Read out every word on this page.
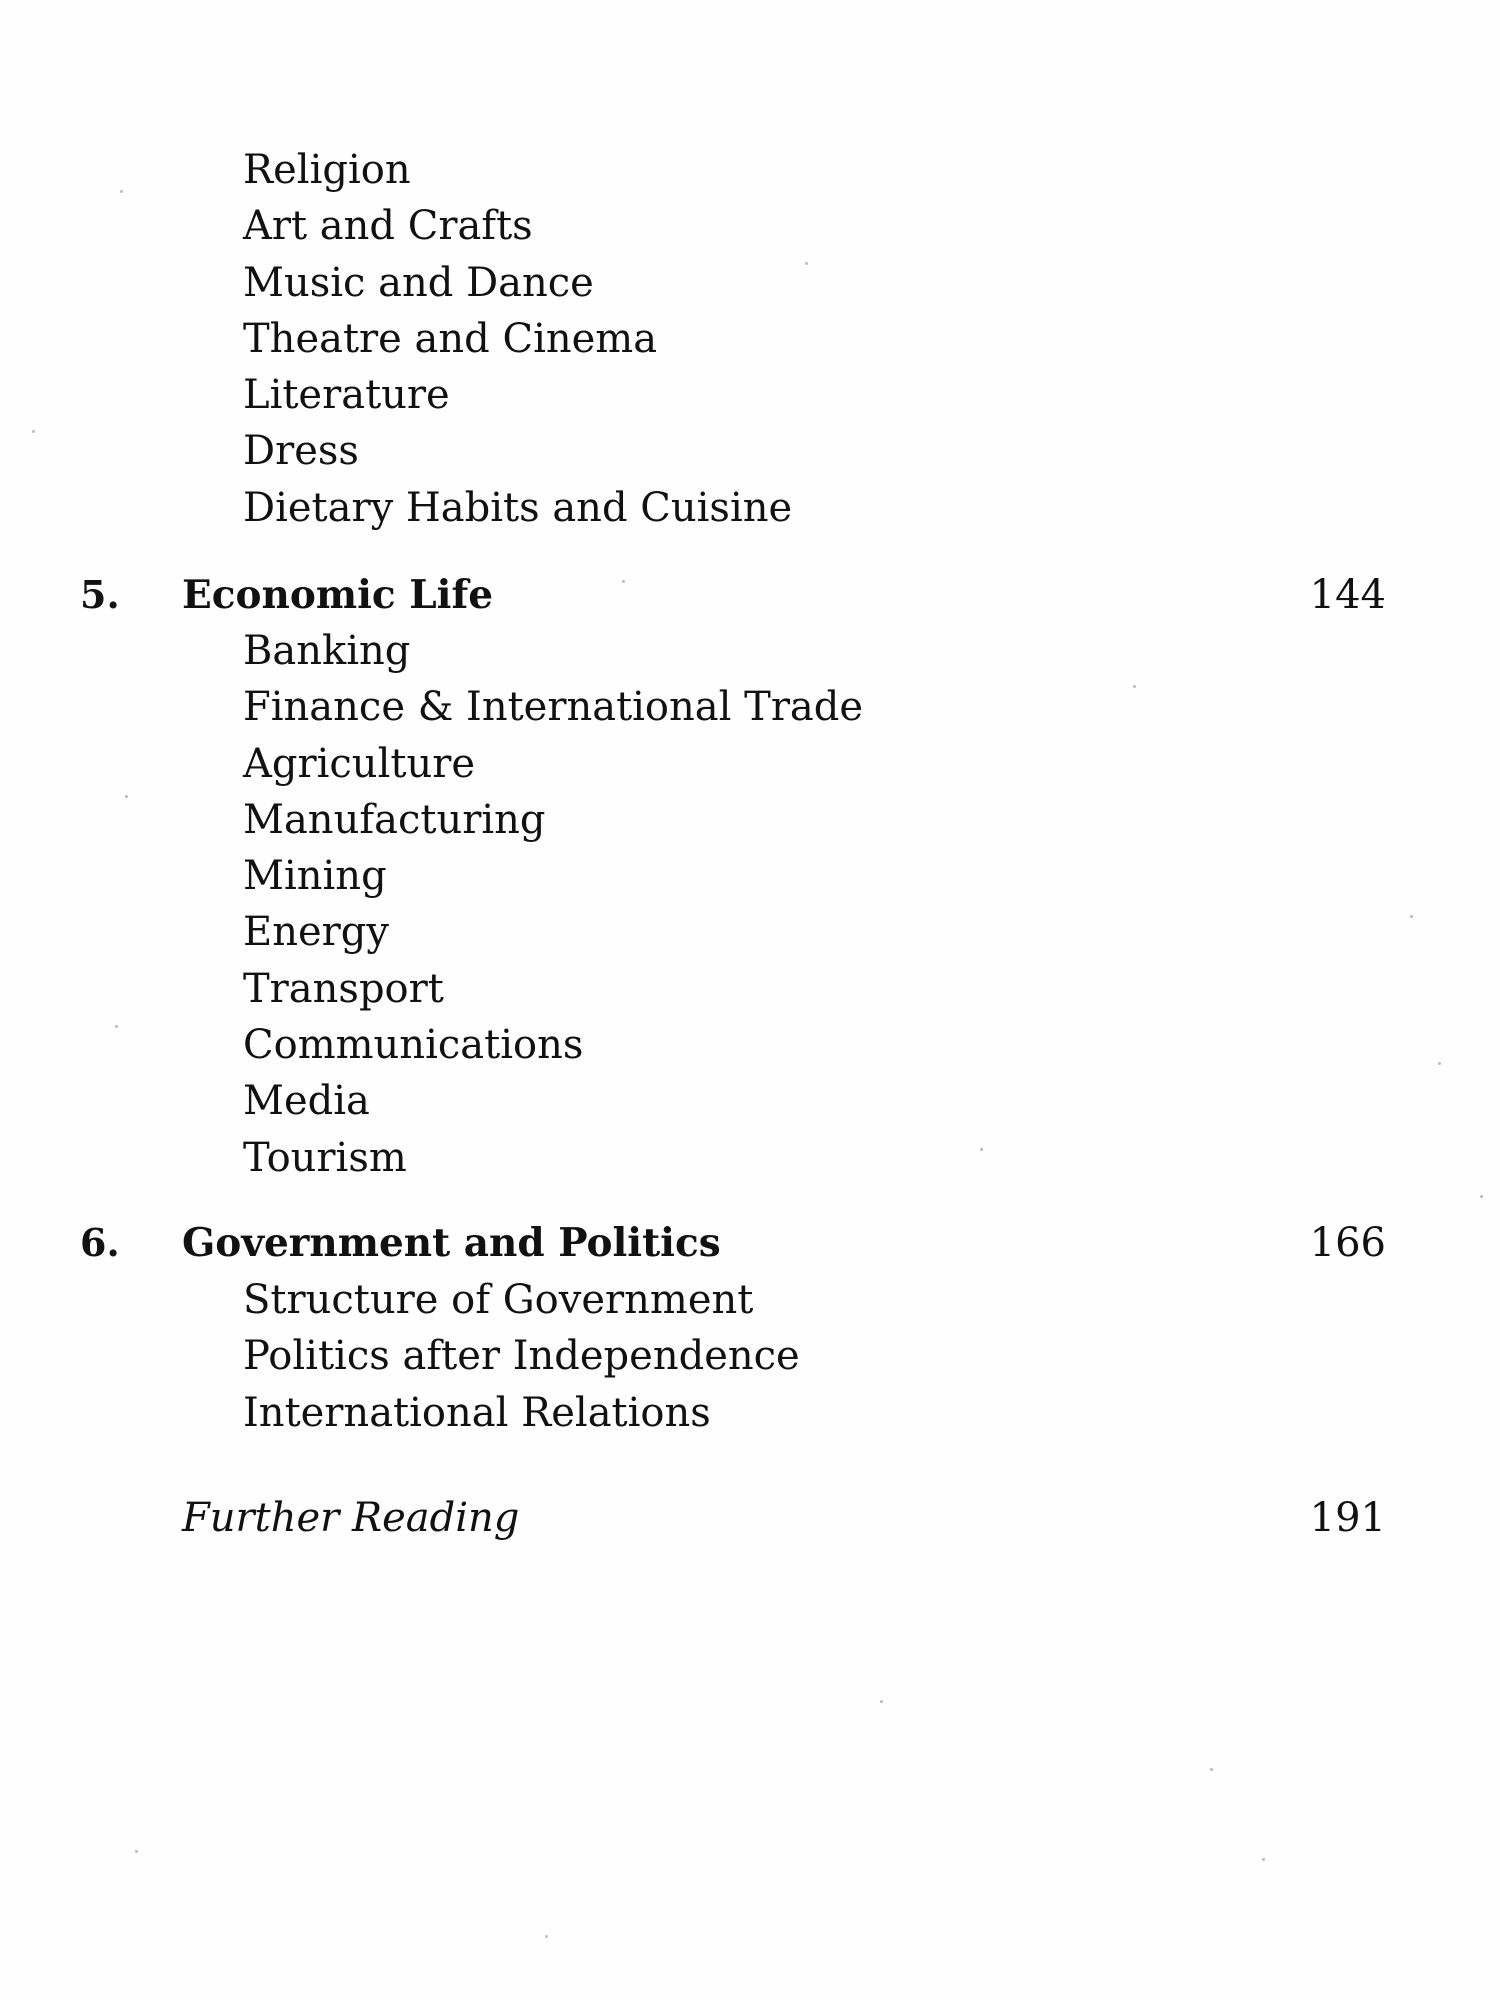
Religion
Art and Crafts
Music and Dance
Theatre and Cinema
Literature
Dress
Dietary Habits and Cuisine
5. Economic Life	144
Banking
Finance & International Trade
Agriculture
Manufacturing
Mining
Energy
Transport
Communications
Media
Tourism
6. Government and Politics	166
Structure of Government
Politics after Independence
International Relations
Further Reading	191
